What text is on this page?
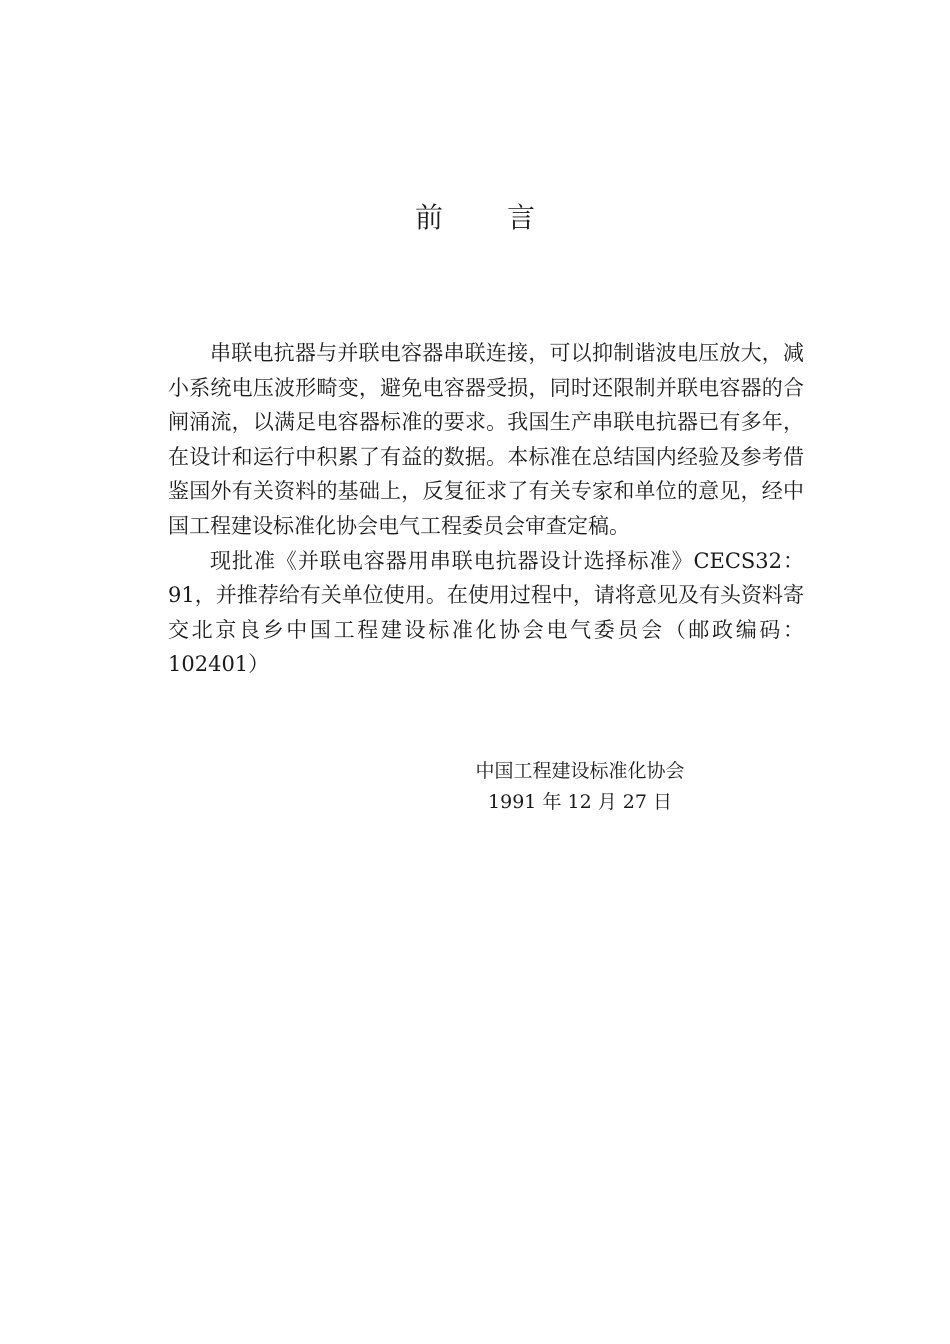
前 言

串联电抗器与并联电容器串联连接，可以抑制谐波电压放大，减小系统电压波形畸变，避免电容器受损，同时还限制并联电容器的合闸涌流，以满足电容器标准的要求。我国生产串联电抗器已有多年，在设计和运行中积累了有益的数据。本标准在总结国内经验及参考借鉴国外有关资料的基础上，反复征求了有关专家和单位的意见，经中国工程建设标准化协会电气工程委员会审查定稿。

现批准《并联电容器用串联电抗器设计选择标准》CECS32：91，并推荐给有关单位使用。在使用过程中，请将意见及有头资料寄交北京良乡中国工程建设标准化协会电气委员会（邮政编码：102401）

中国工程建设标准化协会
1991 年 12 月 27 日
